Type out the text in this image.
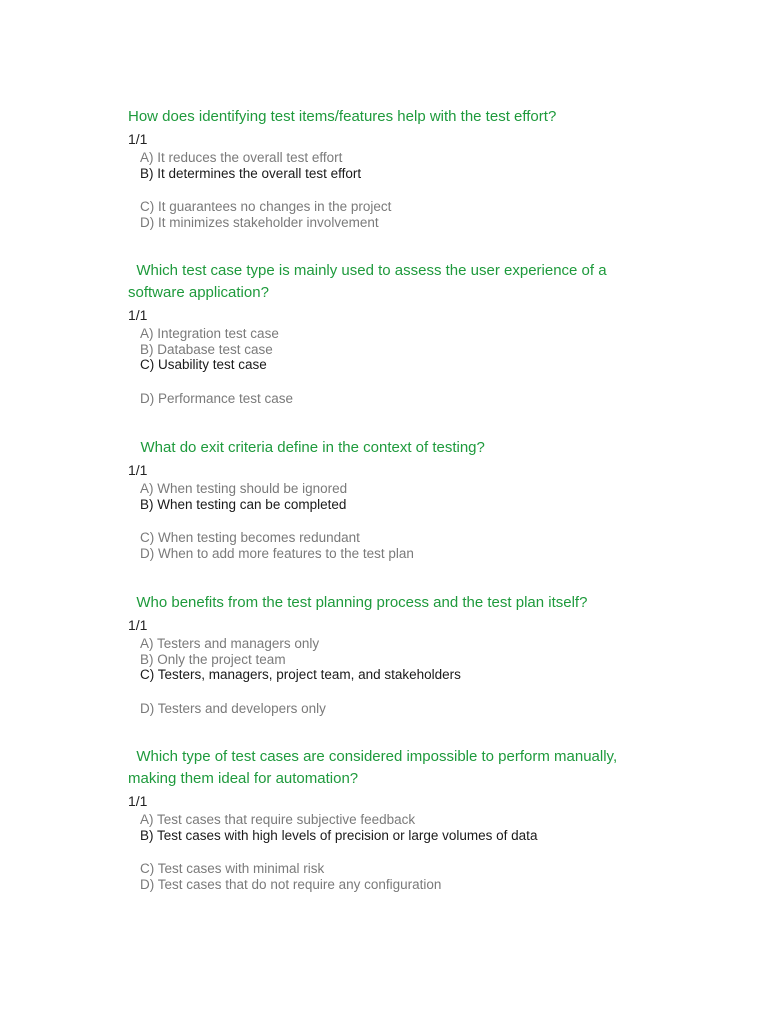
How does identifying test items/features help with the test effort?

1/1

A) It reduces the overall test effort
B) It determines the overall test effort
C) It guarantees no changes in the project
D) It minimizes stakeholder involvement

Which test case type is mainly used to assess the user experience of a software application?

1/1

A) Integration test case
B) Database test case
C) Usability test case
D) Performance test case

What do exit criteria define in the context of testing?

1/1

A) When testing should be ignored
B) When testing can be completed
C) When testing becomes redundant
D) When to add more features to the test plan

Who benefits from the test planning process and the test plan itself?

1/1

A) Testers and managers only
B) Only the project team
C) Testers, managers, project team, and stakeholders
D) Testers and developers only

Which type of test cases are considered impossible to perform manually, making them ideal for automation?

1/1

A) Test cases that require subjective feedback
B) Test cases with high levels of precision or large volumes of data
C) Test cases with minimal risk
D) Test cases that do not require any configuration
